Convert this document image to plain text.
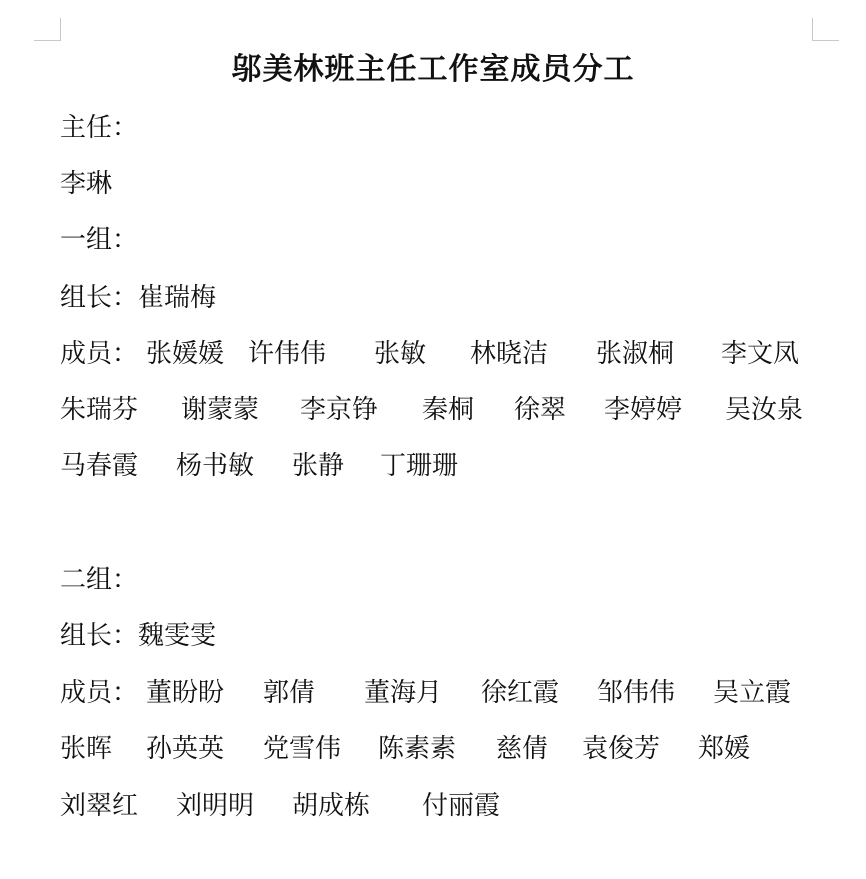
邬美林班主任工作室成员分工
主任：
李琳
一组：
组长：崔瑞梅
成员： 张媛媛 许伟伟 张敏 林晓洁 张淑桐 李文凤
朱瑞芬 谢蒙蒙 李京铮 秦桐 徐翠 李婷婷 吴汝泉
马春霞 杨书敏 张静 丁珊珊
二组：
组长：魏雯雯
成员： 董盼盼 郭倩 董海月 徐红霞 邹伟伟 吴立霞
张晖 孙英英 党雪伟 陈素素 慈倩 袁俊芳 郑媛
刘翠红 刘明明 胡成栋 付丽霞
